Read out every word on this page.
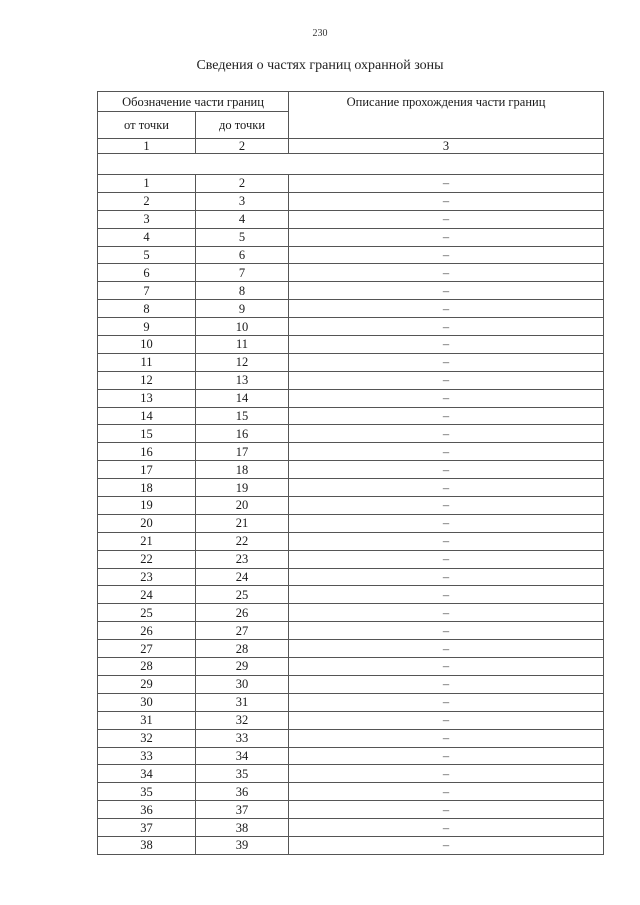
230
Сведения о частях границ охранной зоны
Обозначение части границ		Описание прохождения части границ
от точки	до точки	
1	2	3

1	2	–
2	3	–
3	4	–
4	5	–
5	6	–
6	7	–
7	8	–
8	9	–
9	10	–
10	11	–
11	12	–
12	13	–
13	14	–
14	15	–
15	16	–
16	17	–
17	18	–
18	19	–
19	20	–
20	21	–
21	22	–
22	23	–
23	24	–
24	25	–
25	26	–
26	27	–
27	28	–
28	29	–
29	30	–
30	31	–
31	32	–
32	33	–
33	34	–
34	35	–
35	36	–
36	37	–
37	38	–
38	39	–
